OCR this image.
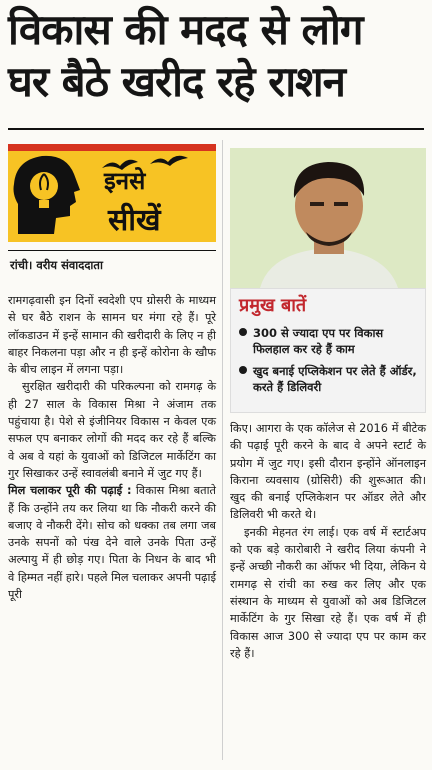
विकास की मदद से लोग
घर बैठे खरीद रहे राशन
इनसे
सीखें
रांची। वरीय संवाददाता
प्रमुख बातें
300 से ज्यादा एप पर विकास फिलहाल कर रहे हैं काम
खुद बनाई एप्लिकेशन पर लेते हैं ऑर्डर, करते हैं डिलिवरी

रामगढ़वासी इन दिनों स्वदेशी एप ग्रोसरी के माध्यम से घर बैठे राशन के सामन घर मंगा रहे हैं। पूरे लॉकडाउन में इन्हें सामान की खरीदारी के लिए न ही बाहर निकलना पड़ा और न ही इन्हें कोरोना के खौफ के बीच लाइन में लगना पड़ा।

सुरक्षित खरीदारी की परिकल्पना को रामगढ़ के ही 27 साल के विकास मिश्रा ने अंजाम तक पहुंचाया है। पेशे से इंजीनियर विकास न केवल एक सफल एप बनाकर लोगों की मदद कर रहे हैं बल्कि वे अब वे यहां के युवाओं को डिजिटल मार्केटिंग का गुर सिखाकर उन्हें स्वावलंबी बनाने में जुट गए हैं।

मिल चलाकर पूरी की पढ़ाई : विकास मिश्रा बताते हैं कि उन्होंने तय कर लिया था कि नौकरी करने की बजाए वे नौकरी देंगे। सोच को धक्का तब लगा जब उनके सपनों को पंख देने वाले उनके पिता उन्हें अल्पायु में ही छोड़ गए। पिता के निधन के बाद भी वे हिम्मत नहीं हारे। पहले मिल चलाकर अपनी पढ़ाई पूरी

किए। आगरा के एक कॉलेज से 2016 में बीटेक की पढ़ाई पूरी करने के बाद वे अपने स्टार्ट के प्रयोग में जुट गए। इसी दौरान इन्होंने ऑनलाइन किराना व्यवसाय (ग्रोसिरी) की शुरूआत की। खुद की बनाई एप्लिकेशन पर ऑडर लेते और डिलिवरी भी करते थे।

इनकी मेहनत रंग लाई। एक वर्ष में स्टार्टअप को एक बड़े कारोबारी ने खरीद लिया कंपनी ने इन्हें अच्छी नौकरी का ऑफर भी दिया, लेकिन ये रामगढ़ से रांची का रुख कर लिए और एक संस्थान के माध्यम से युवाओं को अब डिजिटल मार्केटिंग के गुर सिखा रहे हैं। एक वर्ष में ही विकास आज 300 से ज्यादा एप पर काम कर रहे हैं।
